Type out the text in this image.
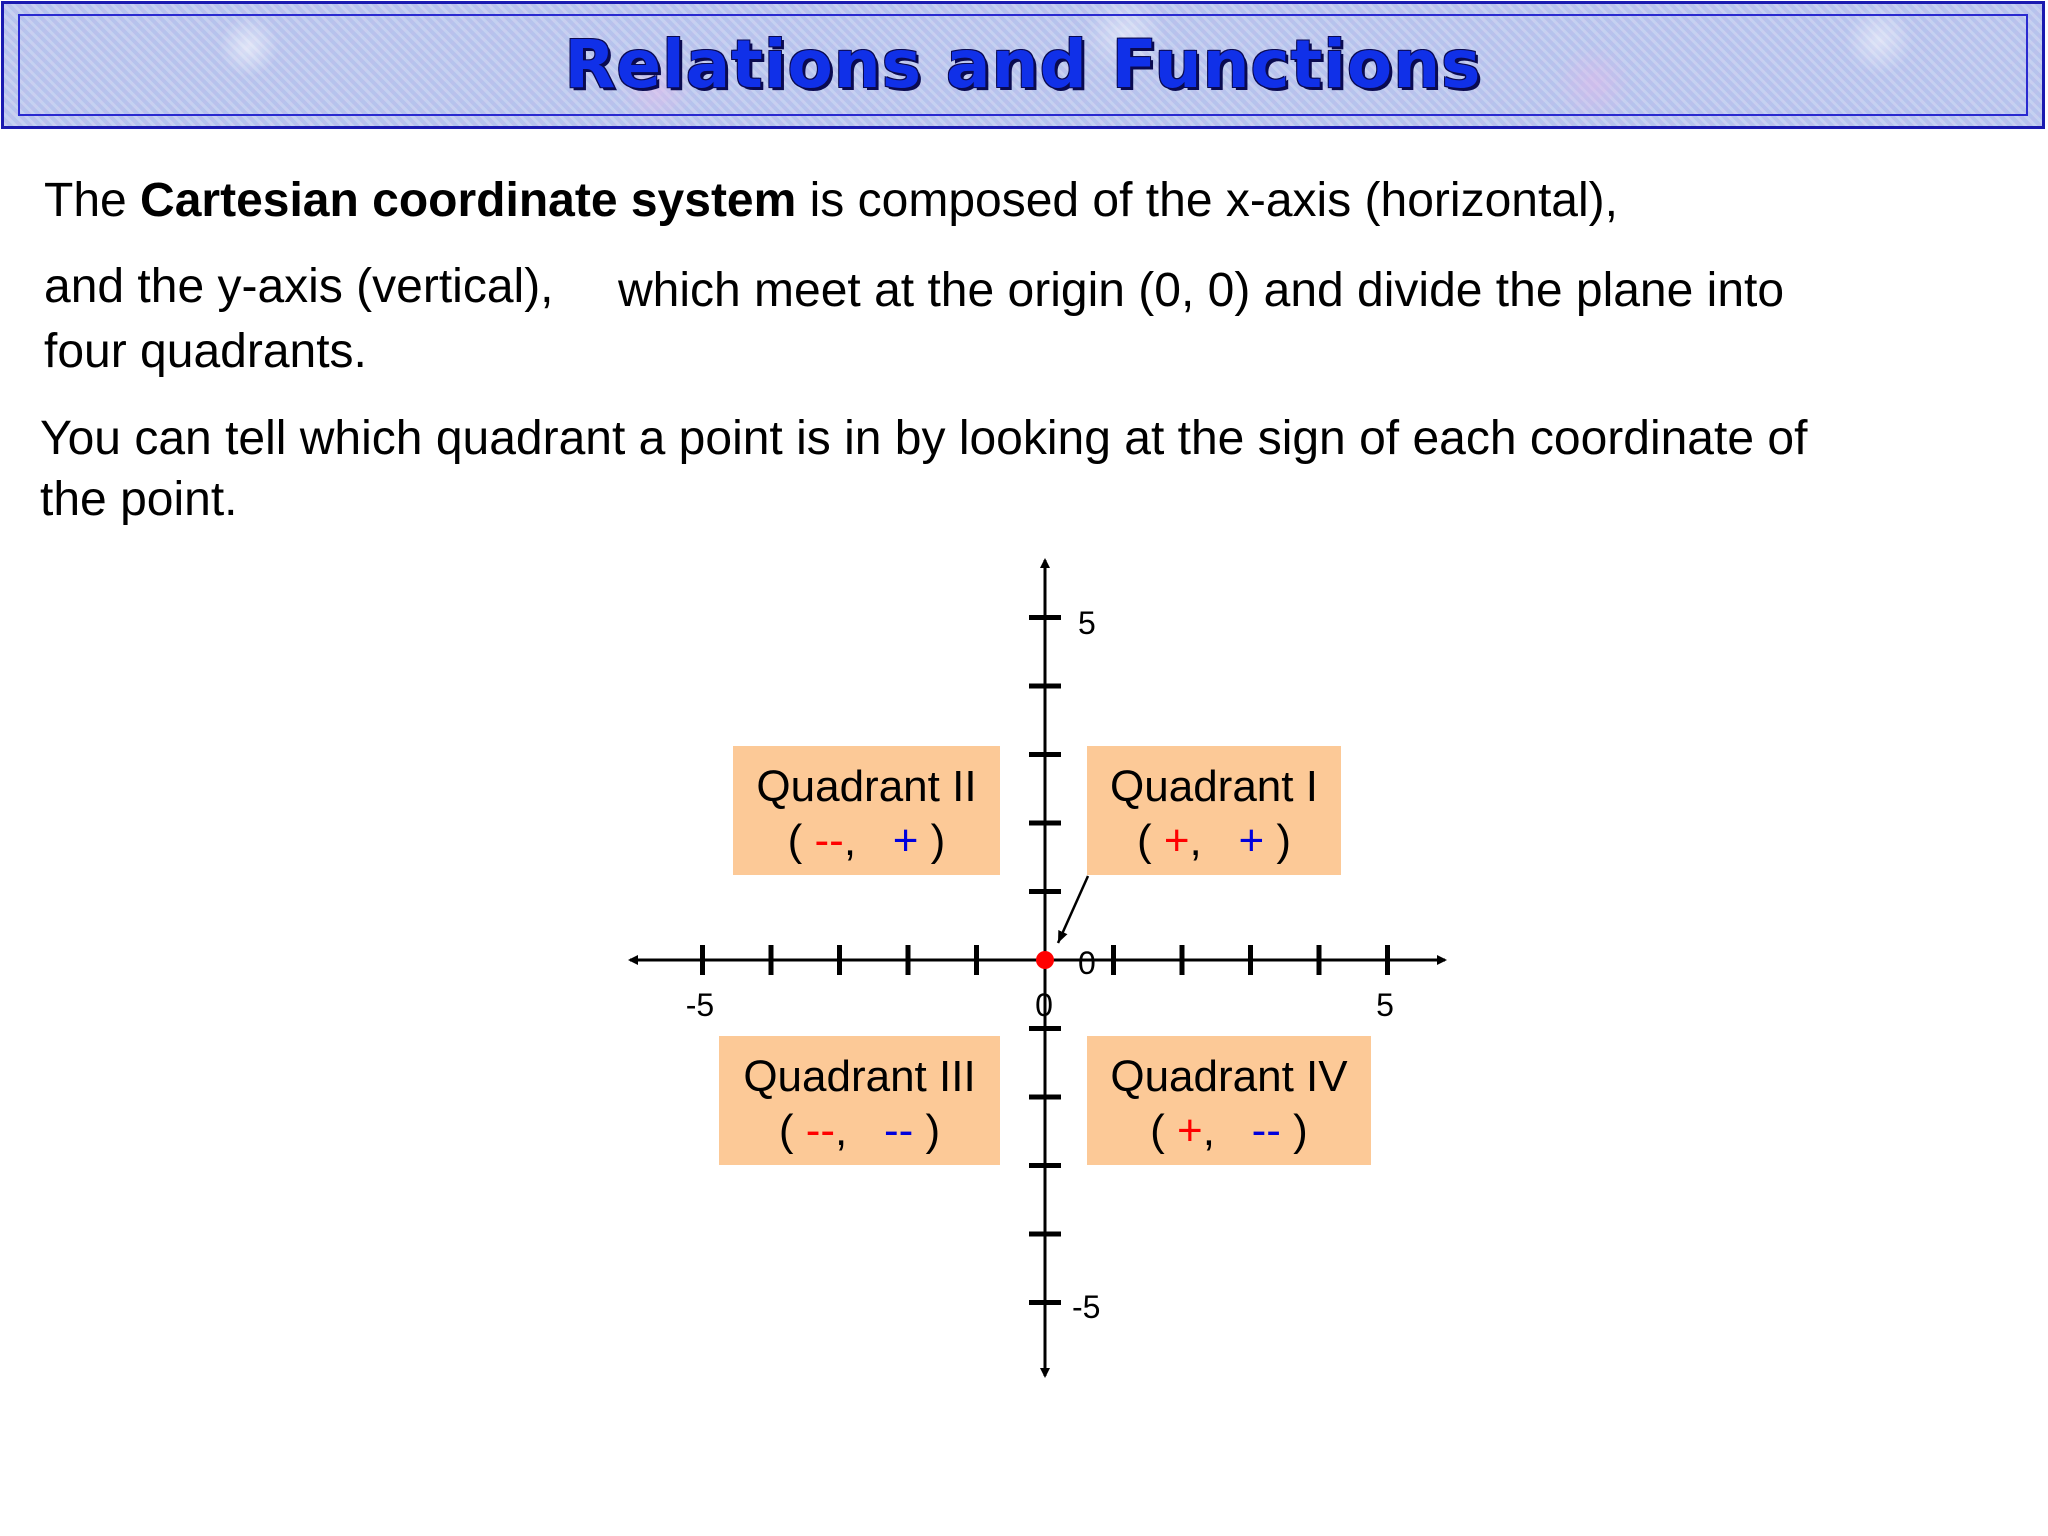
Relations and Functions
The Cartesian coordinate system is composed of the x-axis (horizontal),
and the y-axis (vertical), which meet at the origin (0, 0) and divide the plane into
four quadrants.
You can tell which quadrant a point is in by looking at the sign of each coordinate of
the point.
-5	0	5
5
0
-5
Quadrant II
( --,   + )
Quadrant I
( +,   + )
Quadrant III
( --,   -- )
Quadrant IV
( +,   -- )
